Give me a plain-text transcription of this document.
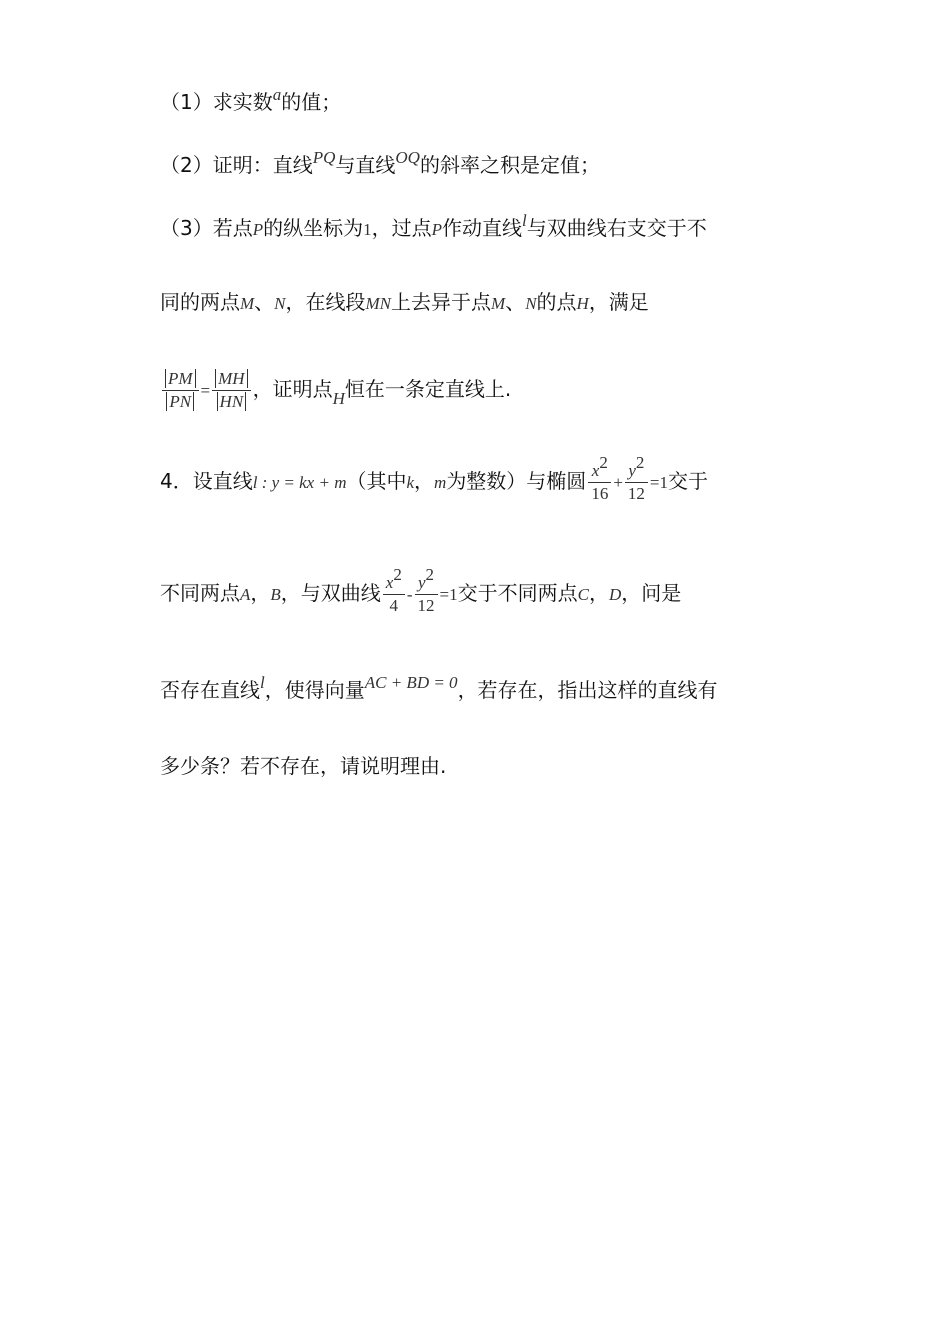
（1）求实数$^a$的值；
（2）证明：直线$^{PQ}$与直线$^{OQ}$的斜率之积是定值；
（3）若点P的纵坐标为1，过点P作动直线$^l$与双曲线右支交于不
同的两点M、N，在线段MN上去异于点M、N的点H，满足
$\frac{PM}{PN} = \frac{MH}{HN}$ ，证明点$_H$恒在一条定直线上.
4．设直线l : y = kx + m（其中k，m为整数）与椭圆 $\frac{x2}{16} + \frac{y2}{12} =1$交于
不同两点A，B，与双曲线 $\frac{x2}{4} - \frac{y2}{12} =1$交于不同两点C，D，问是
否存在直线$^l$，使得向量$^{AC + BD = 0}$，若存在，指出这样的直线有
多少条？若不存在，请说明理由.
